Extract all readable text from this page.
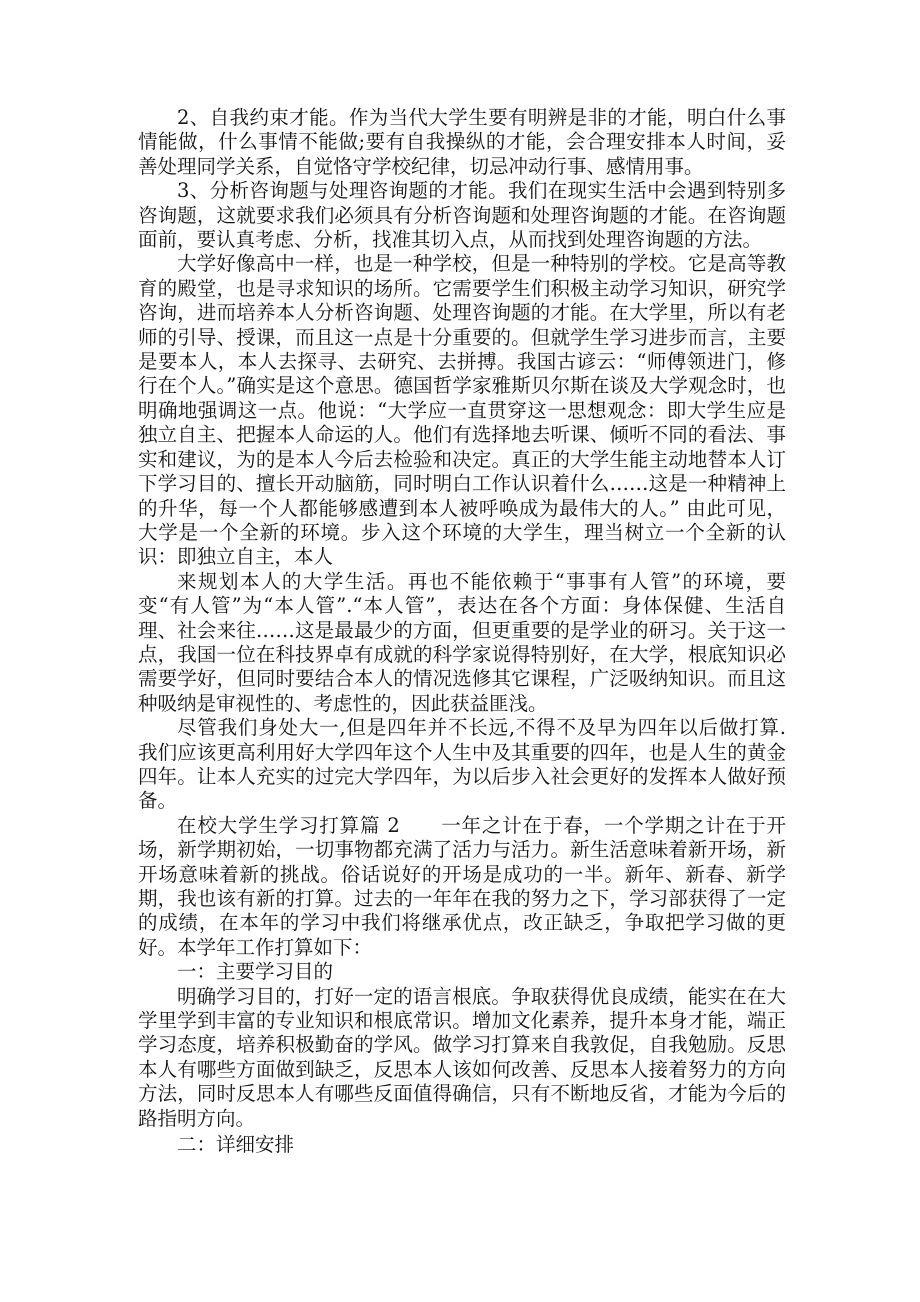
2、自我约束才能。作为当代大学生要有明辨是非的才能，明白什么事情能做，什么事情不能做;要有自我操纵的才能，会合理安排本人时间，妥善处理同学关系，自觉恪守学校纪律，切忌冲动行事、感情用事。

3、分析咨询题与处理咨询题的才能。我们在现实生活中会遇到特别多咨询题，这就要求我们必须具有分析咨询题和处理咨询题的才能。在咨询题面前，要认真考虑、分析，找准其切入点，从而找到处理咨询题的方法。

大学好像高中一样，也是一种学校，但是一种特别的学校。它是高等教育的殿堂，也是寻求知识的场所。它需要学生们积极主动学习知识，研究学咨询，进而培养本人分析咨询题、处理咨询题的才能。在大学里，所以有老师的引导、授课，而且这一点是十分重要的。但就学生学习进步而言，主要是要本人，本人去探寻、去研究、去拼搏。我国古谚云：“师傅领进门，修行在个人。”确实是这个意思。德国哲学家雅斯贝尔斯在谈及大学观念时，也明确地强调这一点。他说：“大学应一直贯穿这一思想观念：即大学生应是独立自主、把握本人命运的人。他们有选择地去听课、倾听不同的看法、事实和建议，为的是本人今后去检验和决定。真正的大学生能主动地替本人订下学习目的、擅长开动脑筋，同时明白工作认识着什么……这是一种精神上的升华，每一个人都能够感遭到本人被呼唤成为最伟大的人。” 由此可见，大学是一个全新的环境。步入这个环境的大学生，理当树立一个全新的认识：即独立自主，本人

来规划本人的大学生活。再也不能依赖于“事事有人管”的环境，要变“有人管”为“本人管”.“本人管”，表达在各个方面：身体保健、生活自理、社会来往……这是最最少的方面，但更重要的是学业的研习。关于这一点，我国一位在科技界卓有成就的科学家说得特别好，在大学，根底知识必需要学好，但同时要结合本人的情况选修其它课程，广泛吸纳知识。而且这种吸纳是审视性的、考虑性的，因此获益匪浅。

尽管我们身处大一,但是四年并不长远,不得不及早为四年以后做打算. 我们应该更高利用好大学四年这个人生中及其重要的四年，也是人生的黄金四年。让本人充实的过完大学四年，为以后步入社会更好的发挥本人做好预备。

在校大学生学习打算篇 2　　一年之计在于春，一个学期之计在于开场，新学期初始，一切事物都充满了活力与活力。新生活意味着新开场，新开场意味着新的挑战。俗话说好的开场是成功的一半。新年、新春、新学期，我也该有新的打算。过去的一年年在我的努力之下，学习部获得了一定的成绩，在本年的学习中我们将继承优点，改正缺乏，争取把学习做的更好。本学年工作打算如下：

一：主要学习目的

明确学习目的，打好一定的语言根底。争取获得优良成绩，能实在在大学里学到丰富的专业知识和根底常识。增加文化素养，提升本身才能，端正学习态度，培养积极勤奋的学风。做学习打算来自我敦促，自我勉励。反思本人有哪些方面做到缺乏，反思本人该如何改善、反思本人接着努力的方向方法，同时反思本人有哪些反面值得确信，只有不断地反省，才能为今后的路指明方向。

二：详细安排
